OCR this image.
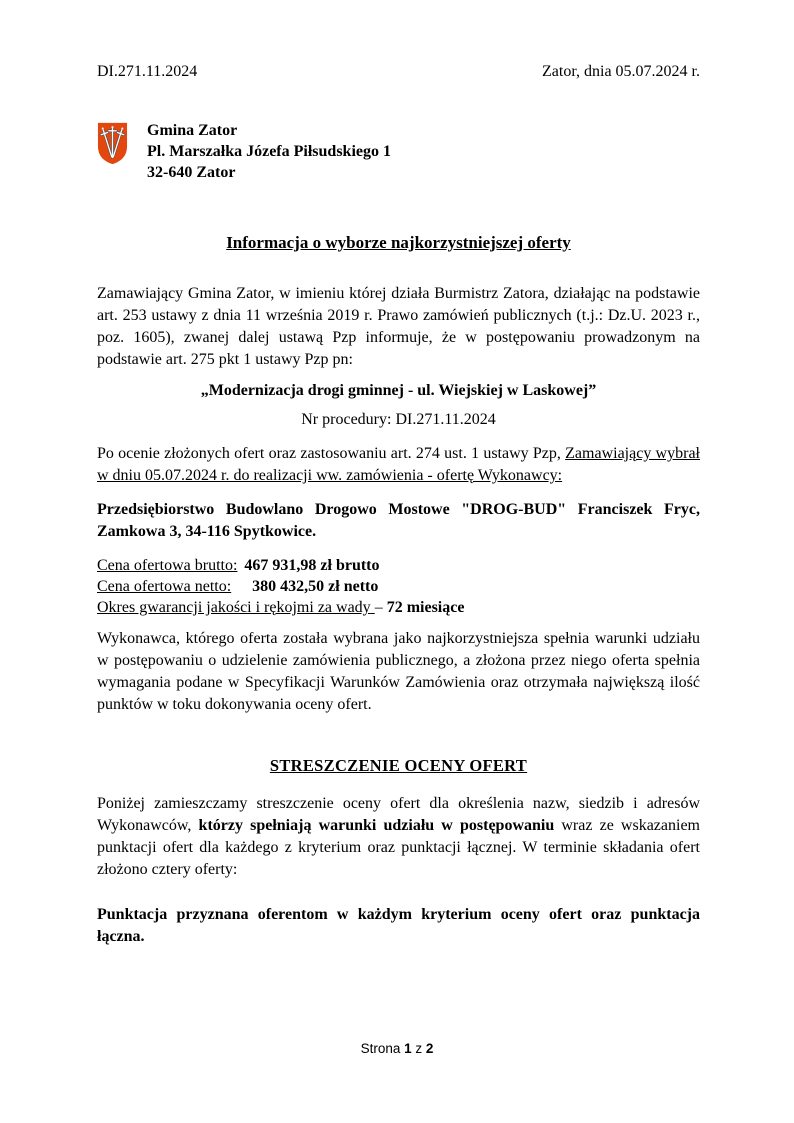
DI.271.11.2024	Zator, dnia 05.07.2024 r.
Gmina Zator
Pl. Marszałka Józefa Piłsudskiego 1
32-640 Zator
Informacja o wyborze najkorzystniejszej oferty

Zamawiający Gmina Zator, w imieniu której działa Burmistrz Zatora, działając na podstawie art. 253 ustawy z dnia 11 września 2019 r. Prawo zamówień publicznych (t.j.: Dz.U. 2023 r., poz. 1605), zwanej dalej ustawą Pzp informuje, że w postępowaniu prowadzonym na podstawie art. 275 pkt 1 ustawy Pzp pn:

„Modernizacja drogi gminnej - ul. Wiejskiej w Laskowej”

Nr procedury: DI.271.11.2024

Po ocenie złożonych ofert oraz zastosowaniu art. 274 ust. 1 ustawy Pzp, Zamawiający wybrał w dniu 05.07.2024 r. do realizacji ww. zamówienia - ofertę Wykonawcy:

Przedsiębiorstwo Budowlano Drogowo Mostowe "DROG-BUD" Franciszek Fryc, Zamkowa 3, 34-116 Spytkowice.

Cena ofertowa brutto: 467 931,98 zł brutto
Cena ofertowa netto: 380 432,50 zł netto
Okres gwarancji jakości i rękojmi za wady – 72 miesiące

Wykonawca, którego oferta została wybrana jako najkorzystniejsza spełnia warunki udziału w postępowaniu o udzielenie zamówienia publicznego, a złożona przez niego oferta spełnia wymagania podane w Specyfikacji Warunków Zamówienia oraz otrzymała największą ilość punktów w toku dokonywania oceny ofert.

STRESZCZENIE OCENY OFERT

Poniżej zamieszczamy streszczenie oceny ofert dla określenia nazw, siedzib i adresów Wykonawców, którzy spełniają warunki udziału w postępowaniu wraz ze wskazaniem punktacji ofert dla każdego z kryterium oraz punktacji łącznej. W terminie składania ofert złożono cztery oferty:

Punktacja przyznana oferentom w każdym kryterium oceny ofert oraz punktacja łączna.

Strona 1 z 2
